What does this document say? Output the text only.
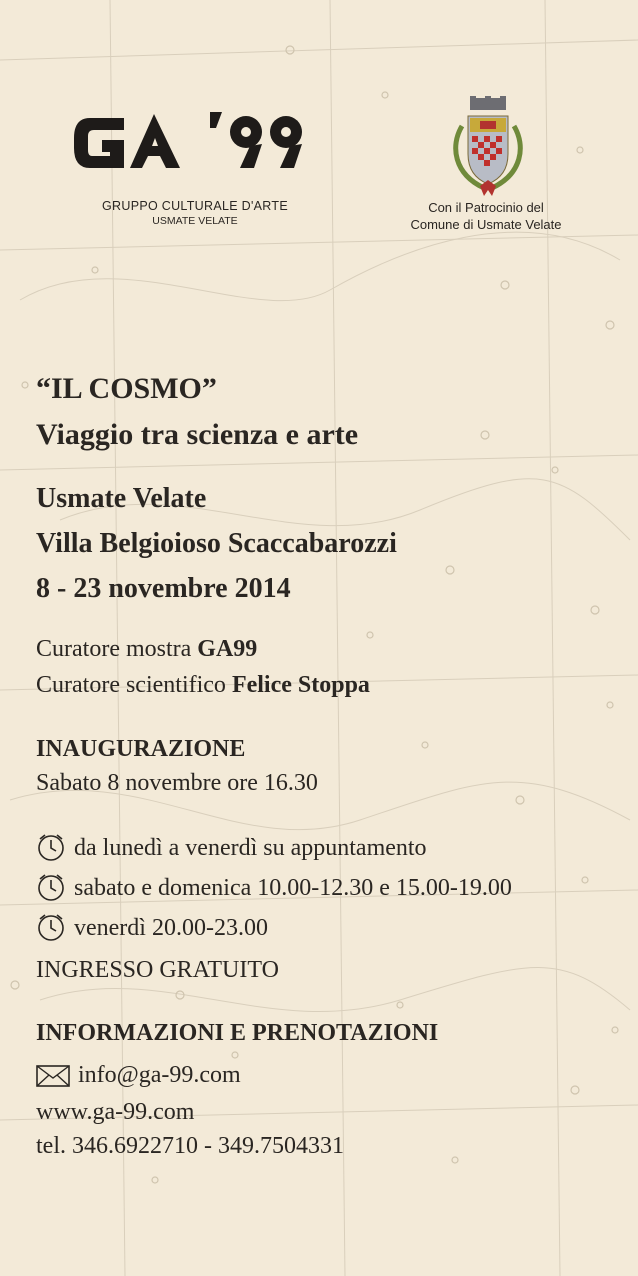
GRUPPO CULTURALE D'ARTE
USMATE VELATE
Con il Patrocinio del
Comune di Usmate Velate
“IL COSMO”
Viaggio tra scienza e arte
Usmate Velate
Villa Belgioioso Scaccabarozzi
8 - 23 novembre 2014
Curatore mostra GA99
Curatore scientifico Felice Stoppa
INAUGURAZIONE
Sabato 8 novembre ore 16.30
da lunedì a venerdì su appuntamento
sabato e domenica 10.00-12.30 e 15.00-19.00
venerdì 20.00-23.00
INGRESSO GRATUITO
INFORMAZIONI E PRENOTAZIONI
info@ga-99.com
www.ga-99.com
tel. 346.6922710 - 349.7504331
